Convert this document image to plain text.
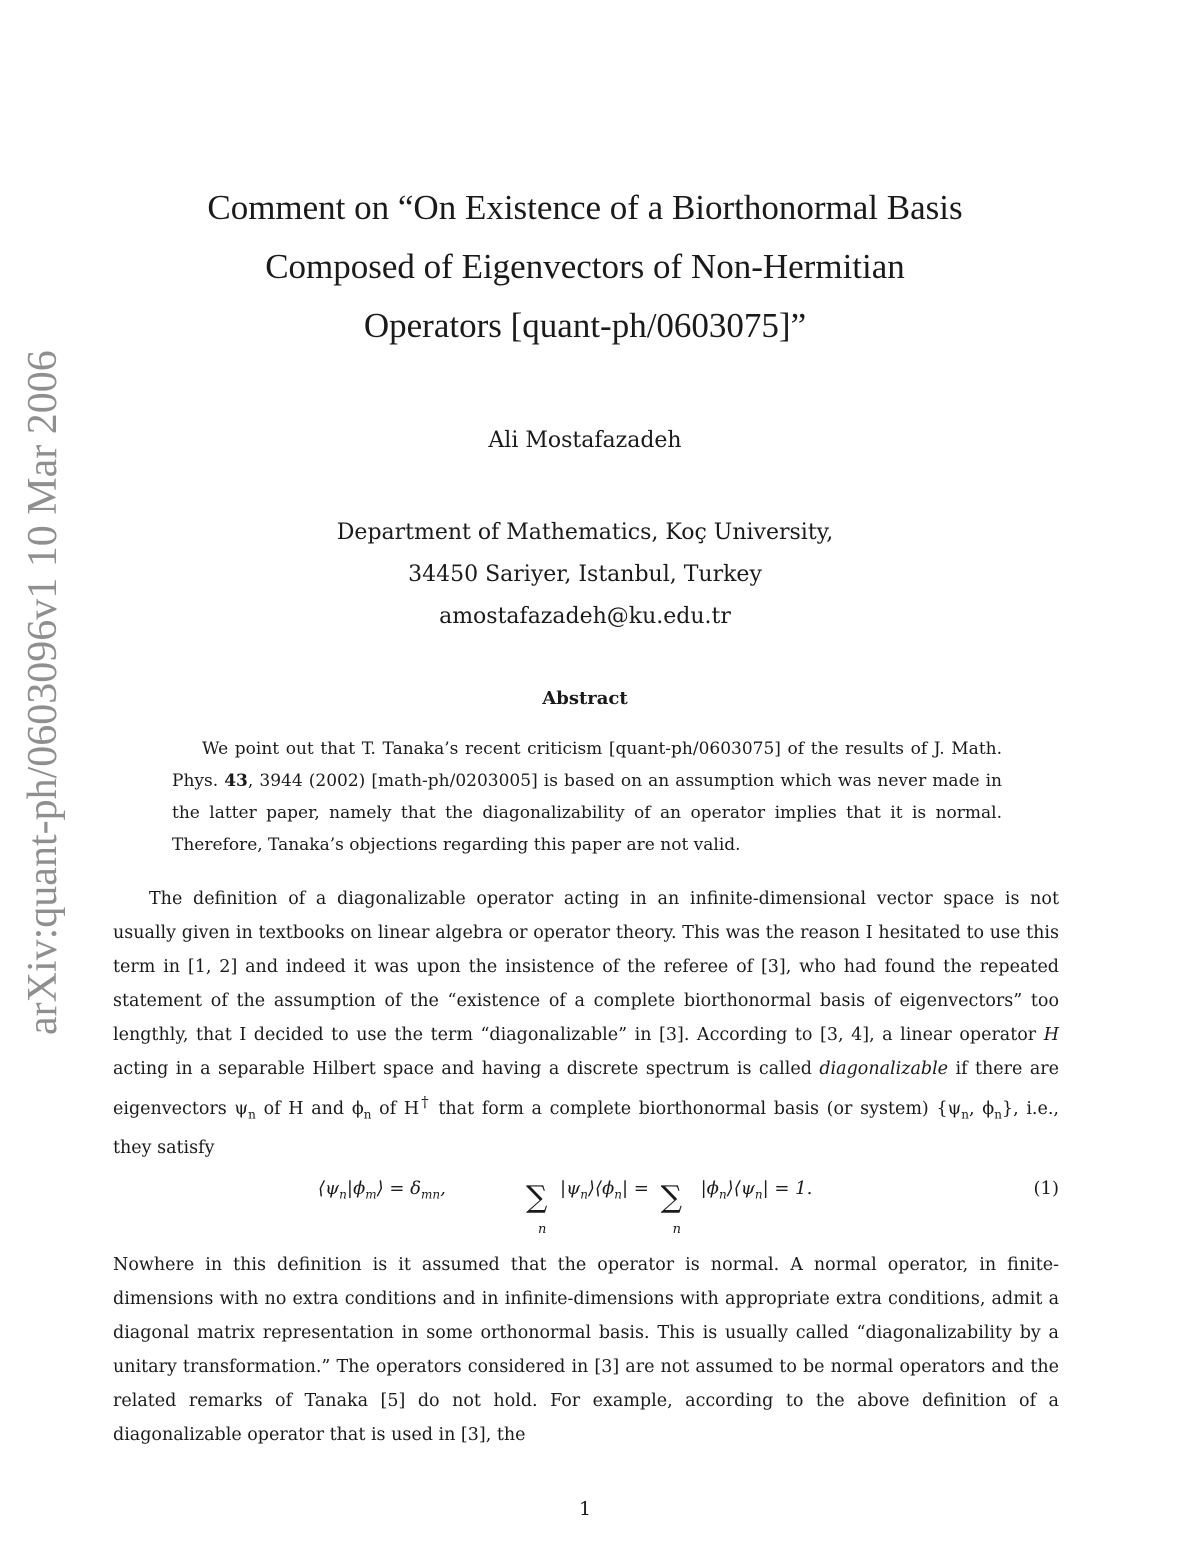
arXiv:quant-ph/0603096v1 10 Mar 2006
Comment on “On Existence of a Biorthonormal Basis
Composed of Eigenvectors of Non-Hermitian
Operators [quant-ph/0603075]”
Ali Mostafazadeh
Department of Mathematics, Koç University,
34450 Sariyer, Istanbul, Turkey
amostafazadeh@ku.edu.tr
Abstract
We point out that T. Tanaka’s recent criticism [quant-ph/0603075] of the results of J. Math. Phys. 43, 3944 (2002) [math-ph/0203005] is based on an assumption which was never made in the latter paper, namely that the diagonalizability of an operator implies that it is normal. Therefore, Tanaka’s objections regarding this paper are not valid.
The definition of a diagonalizable operator acting in an infinite-dimensional vector space is not usually given in textbooks on linear algebra or operator theory. This was the reason I hesitated to use this term in [1, 2] and indeed it was upon the insistence of the referee of [3], who had found the repeated statement of the assumption of the “existence of a complete biorthonormal basis of eigenvectors” too lengthly, that I decided to use the term “diagonalizable” in [3]. According to [3, 4], a linear operator H acting in a separable Hilbert space and having a discrete spectrum is called diagonalizable if there are eigenvectors $\psi_n$ of H and $\phi_n$ of H† that form a complete biorthonormal basis (or system) {$\psi_n$, $\phi_n$}, i.e., they satisfy
$⟨\psi_n|\phi_m⟩ = \delta_{mn}$,	∑
n
$|\psi_n⟩⟨\phi_n|$ = ∑
n
$|\phi_n⟩⟨\psi_n| = 1$.	(1)
Nowhere in this definition is it assumed that the operator is normal. A normal operator, in finite-dimensions with no extra conditions and in infinite-dimensions with appropriate extra conditions, admit a diagonal matrix representation in some orthonormal basis. This is usually called “diagonalizability by a unitary transformation.” The operators considered in [3] are not assumed to be normal operators and the related remarks of Tanaka [5] do not hold. For example, according to the above definition of a diagonalizable operator that is used in [3], the
1
